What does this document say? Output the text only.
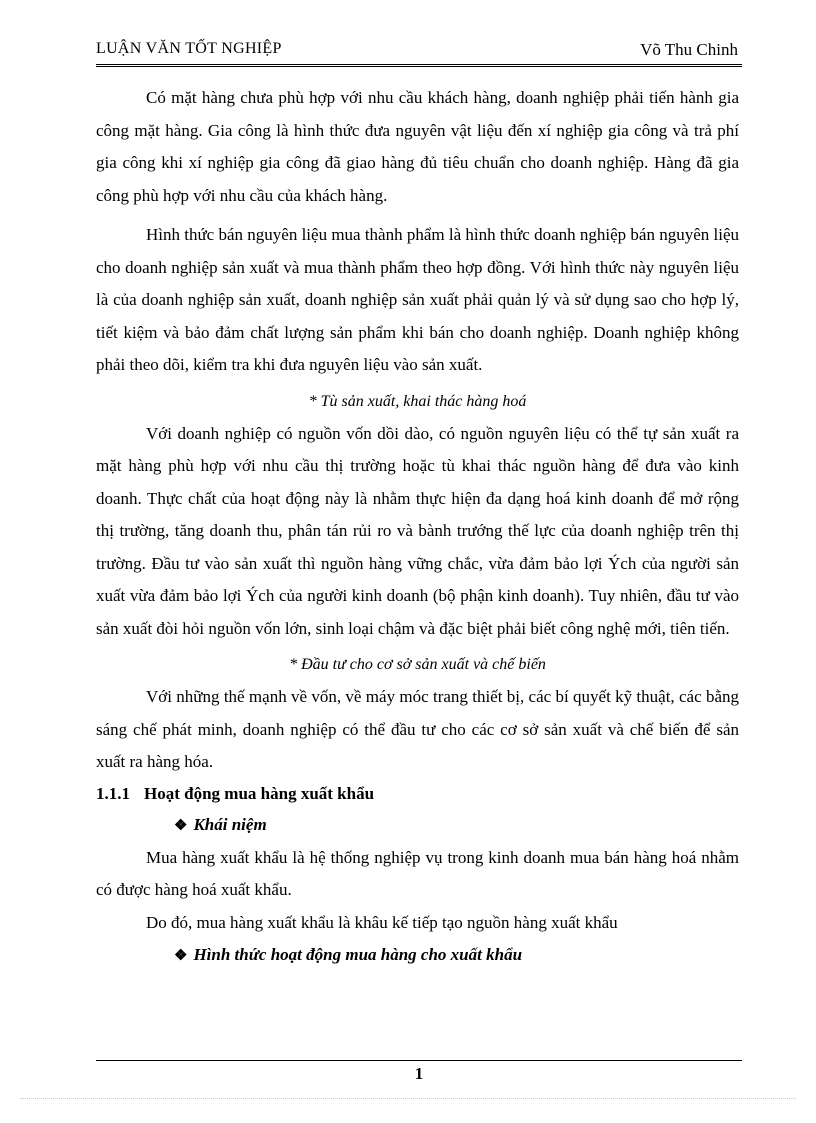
LUẬN VĂN TỐT NGHIỆP	Võ Thu Chinh

Có mặt hàng chưa phù hợp với nhu cầu khách hàng, doanh nghiệp phải tiến hành gia công mặt hàng. Gia công là hình thức đưa nguyên vật liệu đến xí nghiệp gia công và trả phí gia công khi xí nghiệp gia công đã giao hàng đủ tiêu chuẩn cho doanh nghiệp. Hàng đã gia công phù hợp với nhu cầu của khách hàng.

Hình thức bán nguyên liệu mua thành phẩm là hình thức doanh nghiệp bán nguyên liệu cho doanh nghiệp sản xuất và mua thành phẩm theo hợp đồng. Với hình thức này nguyên liệu là của doanh nghiệp sản xuất, doanh nghiệp sản xuất phải quản lý và sử dụng sao cho hợp lý, tiết kiệm và bảo đảm chất lượng sản phẩm khi bán cho doanh nghiệp. Doanh nghiệp không phải theo dõi, kiểm tra khi đưa nguyên liệu vào sản xuất.

* Tù sản xuất, khai thác hàng hoá

Với doanh nghiệp có nguồn vốn dồi dào, có nguồn nguyên liệu có thể tự sản xuất ra mặt hàng phù hợp với nhu cầu thị trường hoặc tù khai thác nguồn hàng để đưa vào kinh doanh. Thực chất của hoạt động này là nhằm thực hiện đa dạng hoá kinh doanh để mở rộng thị trường, tăng doanh thu, phân tán rủi ro và bành trướng thế lực của doanh nghiệp trên thị trường. Đầu tư vào sản xuất thì nguồn hàng vững chắc, vừa đảm bảo lợi Ých của người sản xuất vừa đảm bảo lợi Ých của người kinh doanh (bộ phận kinh doanh). Tuy nhiên, đầu tư vào sản xuất đòi hỏi nguồn vốn lớn, sinh loại chậm và đặc biệt phải biết công nghệ mới, tiên tiến.

* Đầu tư cho cơ sở sản xuất và chế biến

Với những thế mạnh về vốn, về máy móc trang thiết bị, các bí quyết kỹ thuật, các bằng sáng chế phát minh, doanh nghiệp có thể đầu tư cho các cơ sở sản xuất và chế biến để sản xuất ra hàng hóa.

1.1.1 Hoạt động mua hàng xuất khẩu
❖ Khái niệm

Mua hàng xuất khẩu là hệ thống nghiệp vụ trong kinh doanh mua bán hàng hoá nhằm có được hàng hoá xuất khẩu.

Do đó, mua hàng xuất khẩu là khâu kế tiếp tạo nguồn hàng xuất khẩu

❖ Hình thức hoạt động mua hàng cho xuất khẩu
1
